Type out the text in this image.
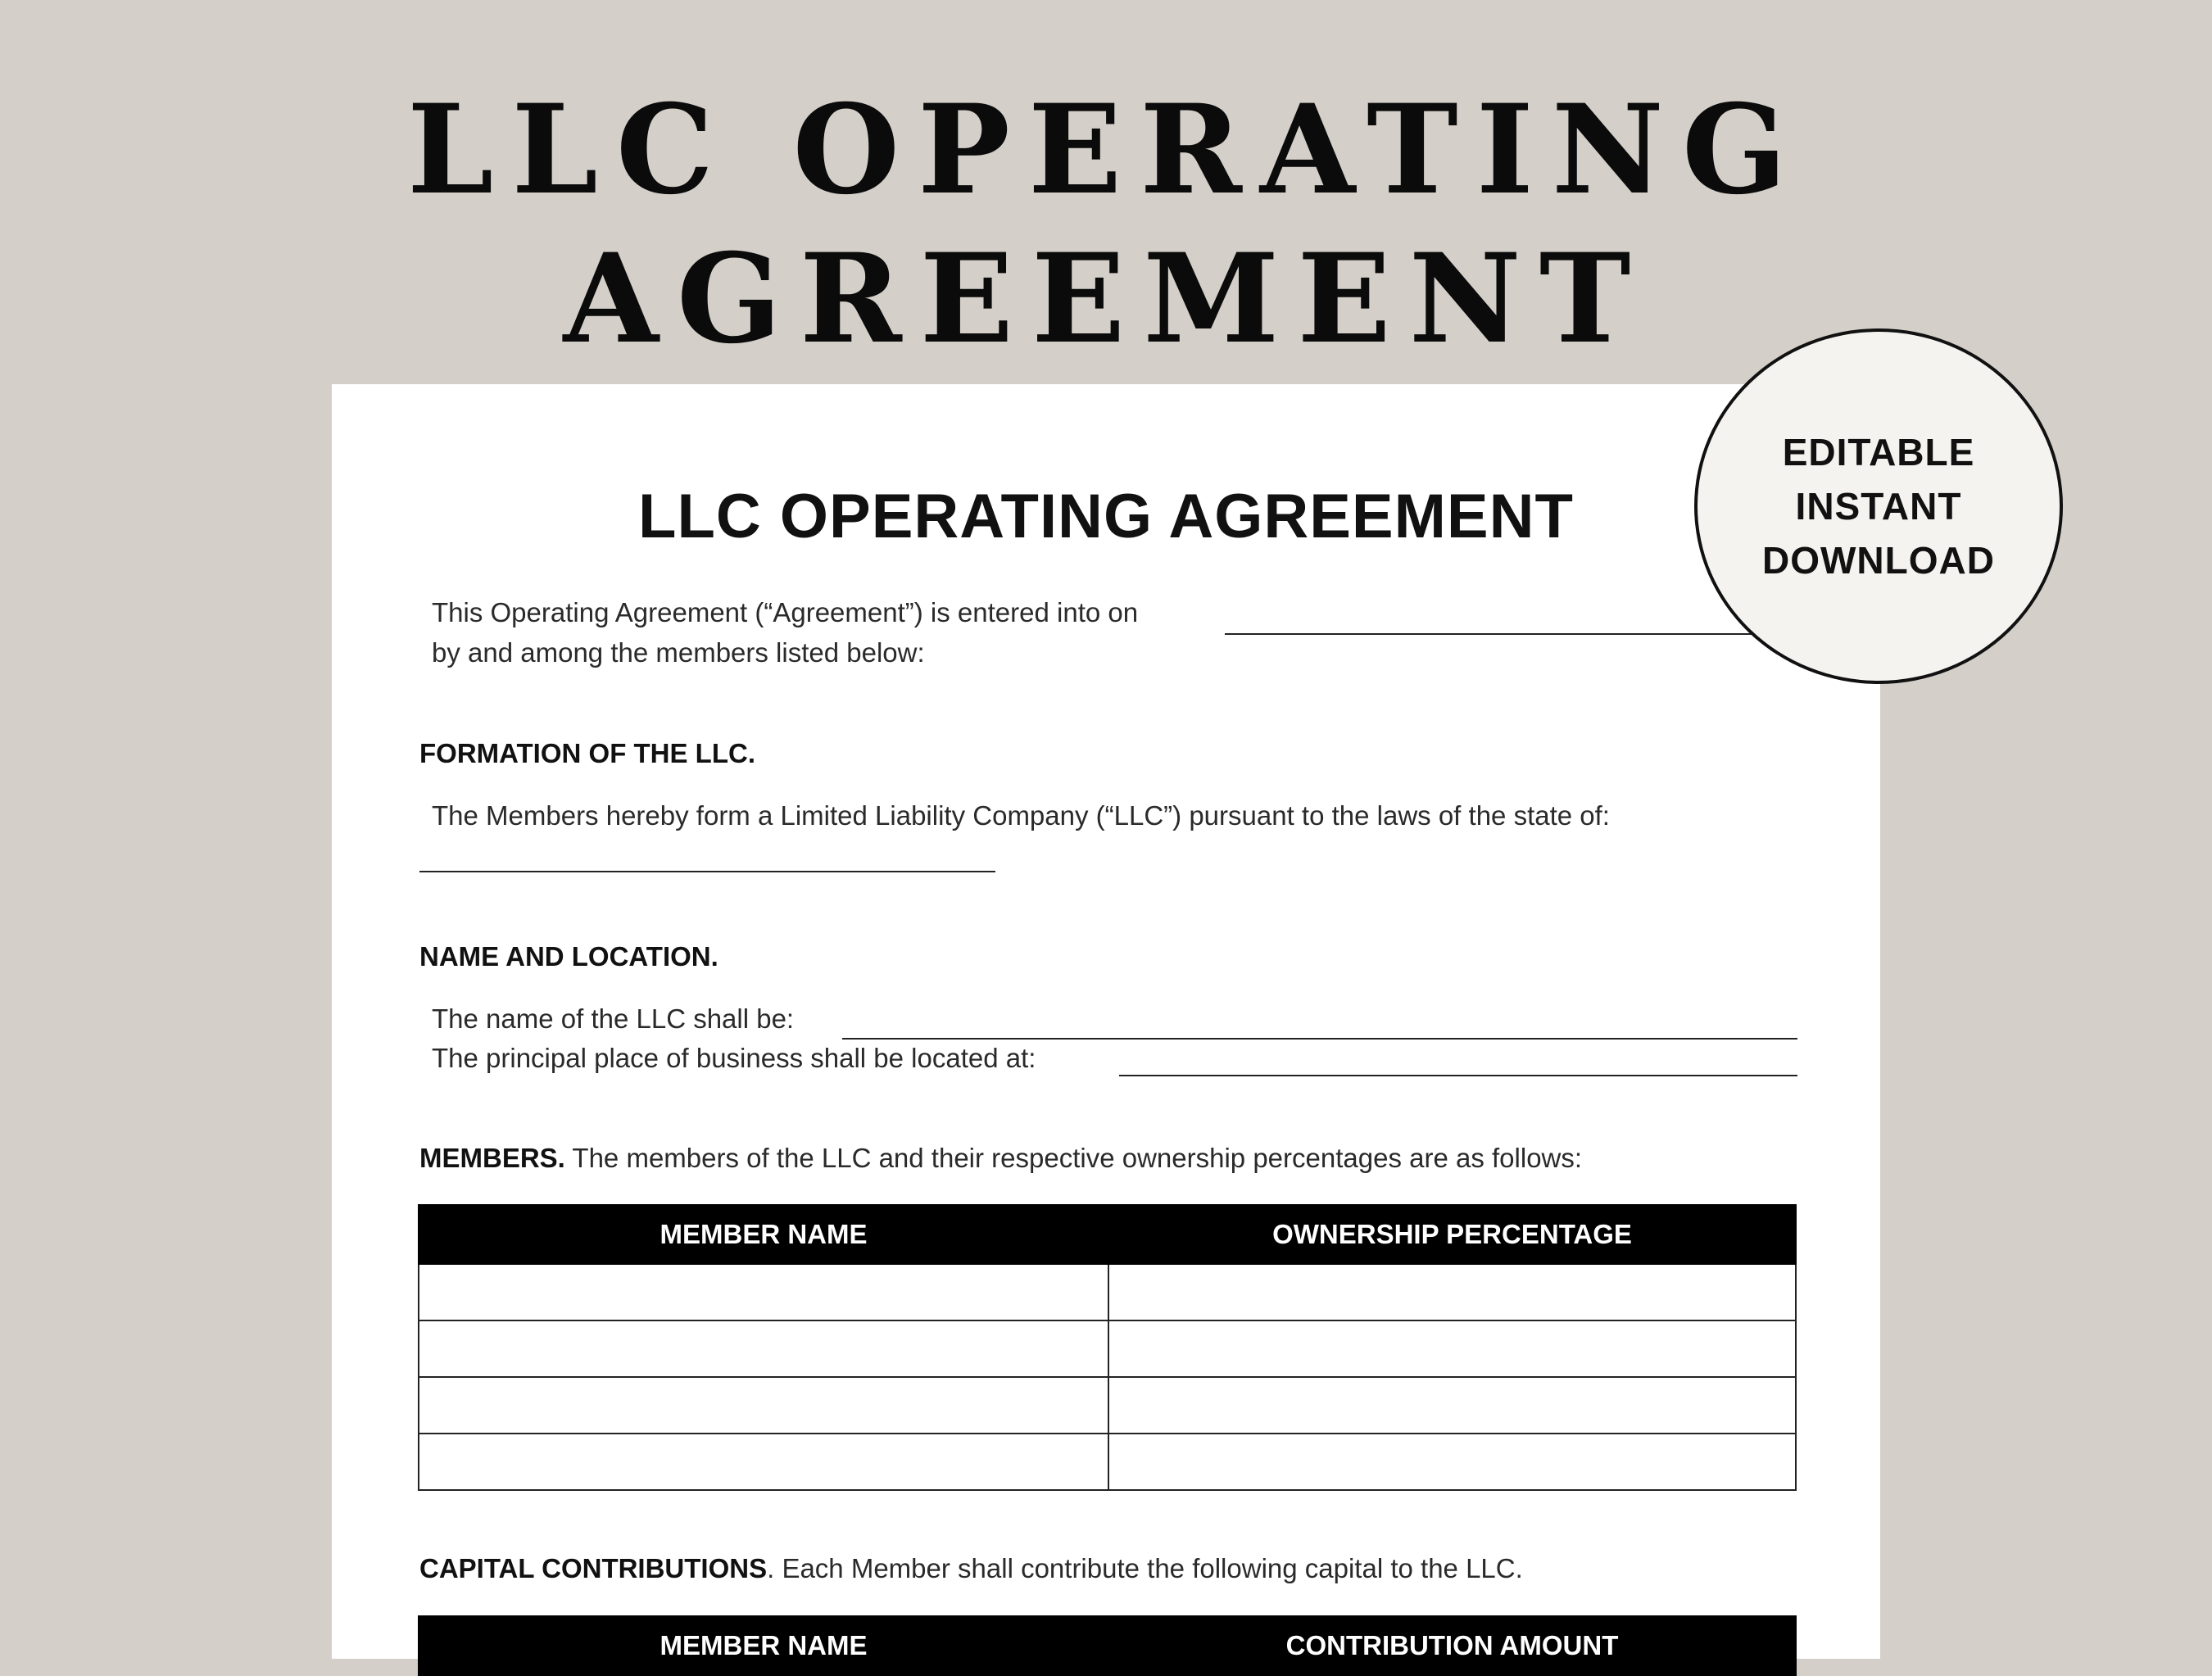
LLC OPERATING
AGREEMENT
LLC OPERATING AGREEMENT
This Operating Agreement (“Agreement”) is entered into on
by and among the members listed below:
FORMATION OF THE LLC.
The Members hereby form a Limited Liability Company (“LLC”) pursuant to the laws of the state of:
NAME AND LOCATION.
The name of the LLC shall be:
The principal place of business shall be located at:
MEMBERS. The members of the LLC and their respective ownership percentages are as follows:
MEMBER NAME	OWNERSHIP PERCENTAGE

CAPITAL CONTRIBUTIONS. Each Member shall contribute the following capital to the LLC.
MEMBER NAME	CONTRIBUTION AMOUNT
EDITABLE
INSTANT
DOWNLOAD
